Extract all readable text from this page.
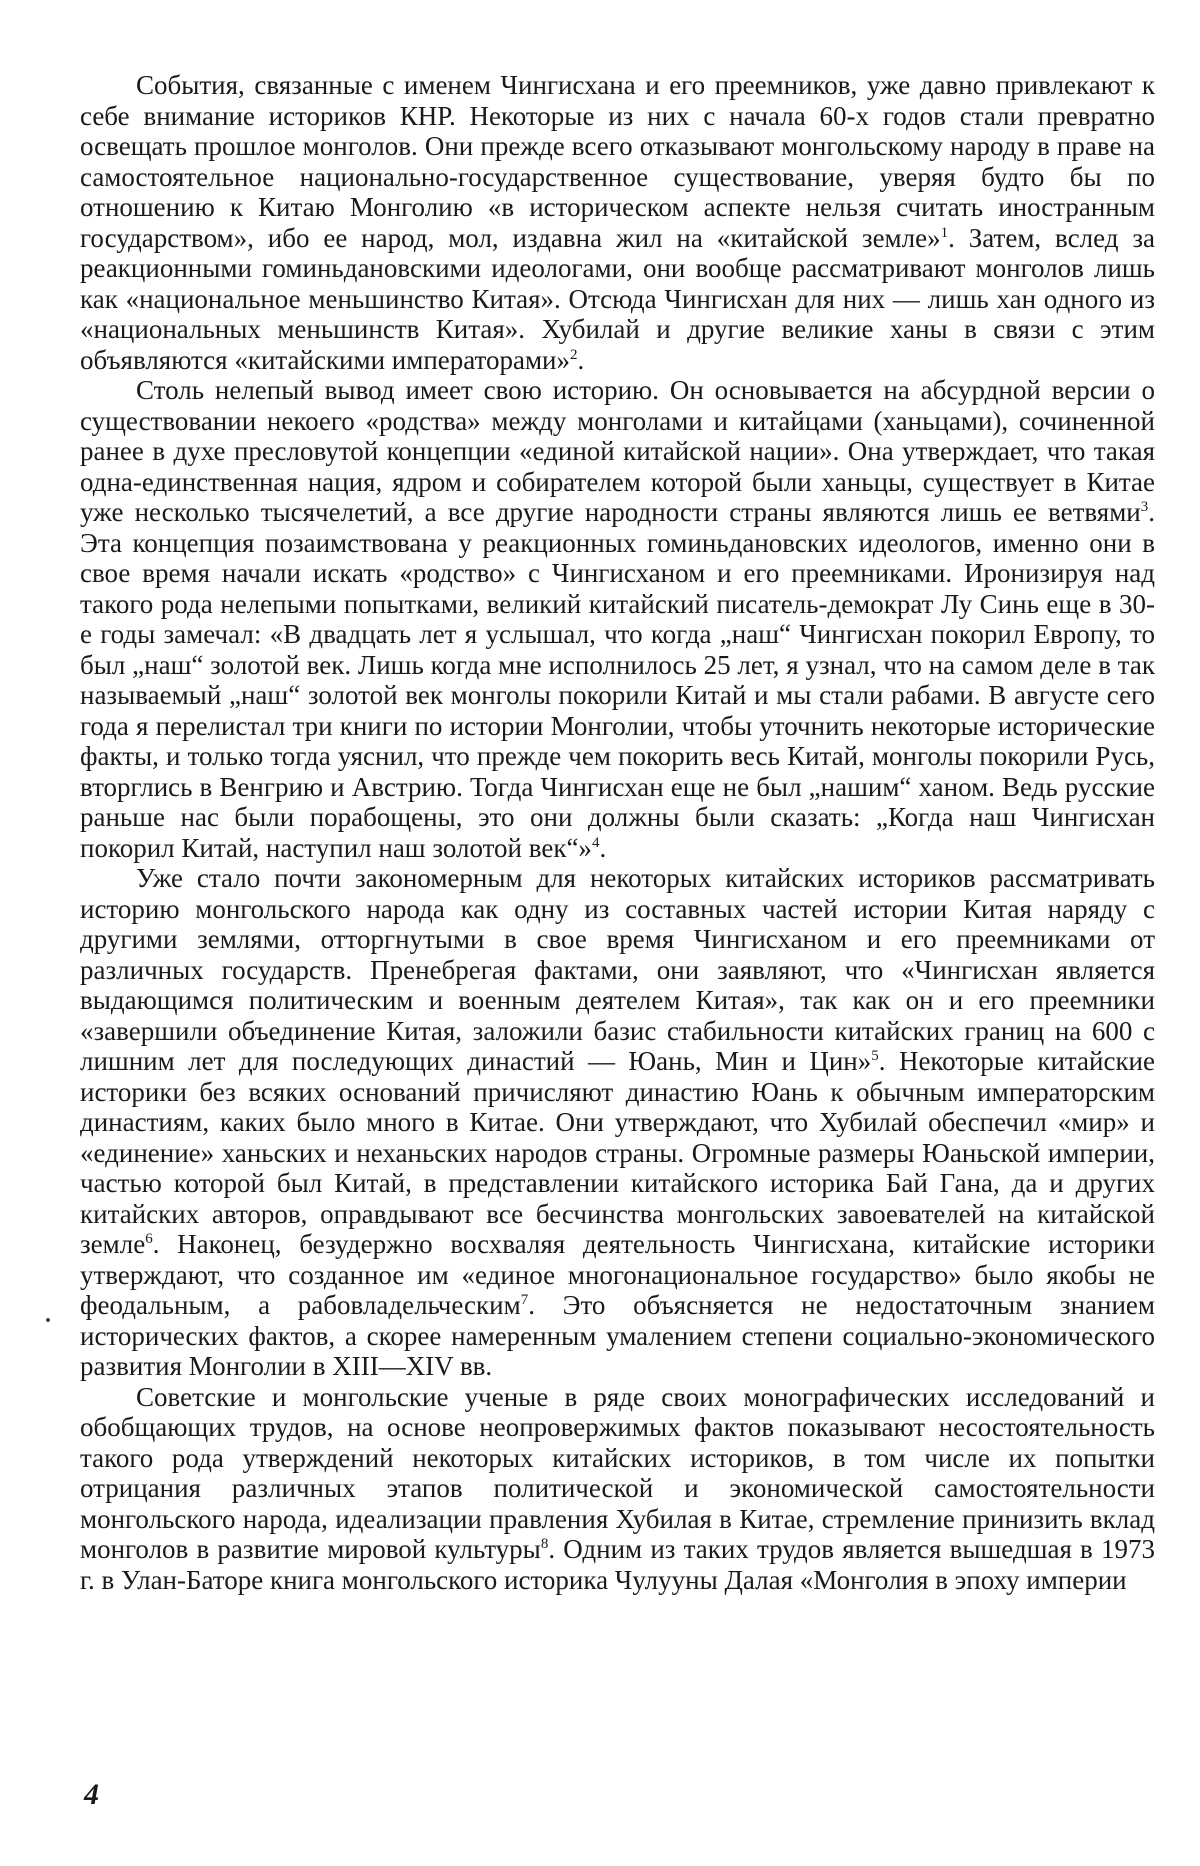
События, связанные с именем Чингисхана и его преемников, уже давно привлекают к себе внимание историков КНР. Некоторые из них с начала 60-х годов стали превратно освещать прошлое монголов. Они прежде всего отказывают монгольскому народу в праве на самостоятельное национально-государственное существование, уверяя будто бы по отношению к Китаю Монголию «в историческом аспекте нельзя считать иностранным государством», ибо ее народ, мол, издавна жил на «китайской земле»$^1$. Затем, вслед за реакционными гоминьдановскими идеологами, они вообще рассматривают монголов лишь как «национальное меньшинство Китая». Отсюда Чингисхан для них — лишь хан одного из «национальных меньшинств Китая». Хубилай и другие великие ханы в связи с этим объявляются «китайскими императорами»$^2$.

Столь нелепый вывод имеет свою историю. Он основывается на абсурдной версии о существовании некоего «родства» между монголами и китайцами (ханьцами), сочиненной ранее в духе пресловутой концепции «единой китайской нации». Она утверждает, что такая одна-единственная нация, ядром и собирателем которой были ханьцы, существует в Китае уже несколько тысячелетий, а все другие народности страны являются лишь ее ветвями$^3$. Эта концепция позаимствована у реакционных гоминьдановских идеологов, именно они в свое время начали искать «родство» с Чингисханом и его преемниками. Иронизируя над такого рода нелепыми попытками, великий китайский писатель-демократ Лу Синь еще в 30-е годы замечал: «В двадцать лет я услышал, что когда „наш“ Чингисхан покорил Европу, то был „наш“ золотой век. Лишь когда мне исполнилось 25 лет, я узнал, что на самом деле в так называемый „наш“ золотой век монголы покорили Китай и мы стали рабами. В августе сего года я перелистал три книги по истории Монголии, чтобы уточнить некоторые исторические факты, и только тогда уяснил, что прежде чем покорить весь Китай, монголы покорили Русь, вторглись в Венгрию и Австрию. Тогда Чингисхан еще не был „нашим“ ханом. Ведь русские раньше нас были порабощены, это они должны были сказать: „Когда наш Чингисхан покорил Китай, наступил наш золотой век“»$^4$.

Уже стало почти закономерным для некоторых китайских историков рассматривать историю монгольского народа как одну из составных частей истории Китая наряду с другими землями, отторгнутыми в свое время Чингисханом и его преемниками от различных государств. Пренебрегая фактами, они заявляют, что «Чингисхан является выдающимся политическим и военным деятелем Китая», так как он и его преемники «завершили объединение Китая, заложили базис стабильности китайских границ на 600 с лишним лет для последующих династий — Юань, Мин и Цин»$^5$. Некоторые китайские историки без всяких оснований причисляют династию Юань к обычным императорским династиям, каких было много в Китае. Они утверждают, что Хубилай обеспечил «мир» и «единение» ханьских и неханьских народов страны. Огромные размеры Юаньской империи, частью которой был Китай, в представлении китайского историка Бай Гана, да и других китайских авторов, оправдывают все бесчинства монгольских завоевателей на китайской земле$^6$. Наконец, безудержно восхваляя деятельность Чингисхана, китайские историки утверждают, что созданное им «единое многонациональное государство» было якобы не феодальным, а рабовладельческим$^7$. Это объясняется не недостаточным знанием исторических фактов, а скорее намеренным умалением степени социально-экономического развития Монголии в XIII—XIV вв.

Советские и монгольские ученые в ряде своих монографических исследований и обобщающих трудов, на основе неопровержимых фактов показывают несостоятельность такого рода утверждений некоторых китайских историков, в том числе их попытки отрицания различных этапов политической и экономической самостоятельности монгольского народа, идеализации правления Хубилая в Китае, стремление принизить вклад монголов в развитие мировой культуры$^8$. Одним из таких трудов является вышедшая в 1973 г. в Улан-Баторе книга монгольского историка Чулууны Далая «Монголия в эпоху империи

4
